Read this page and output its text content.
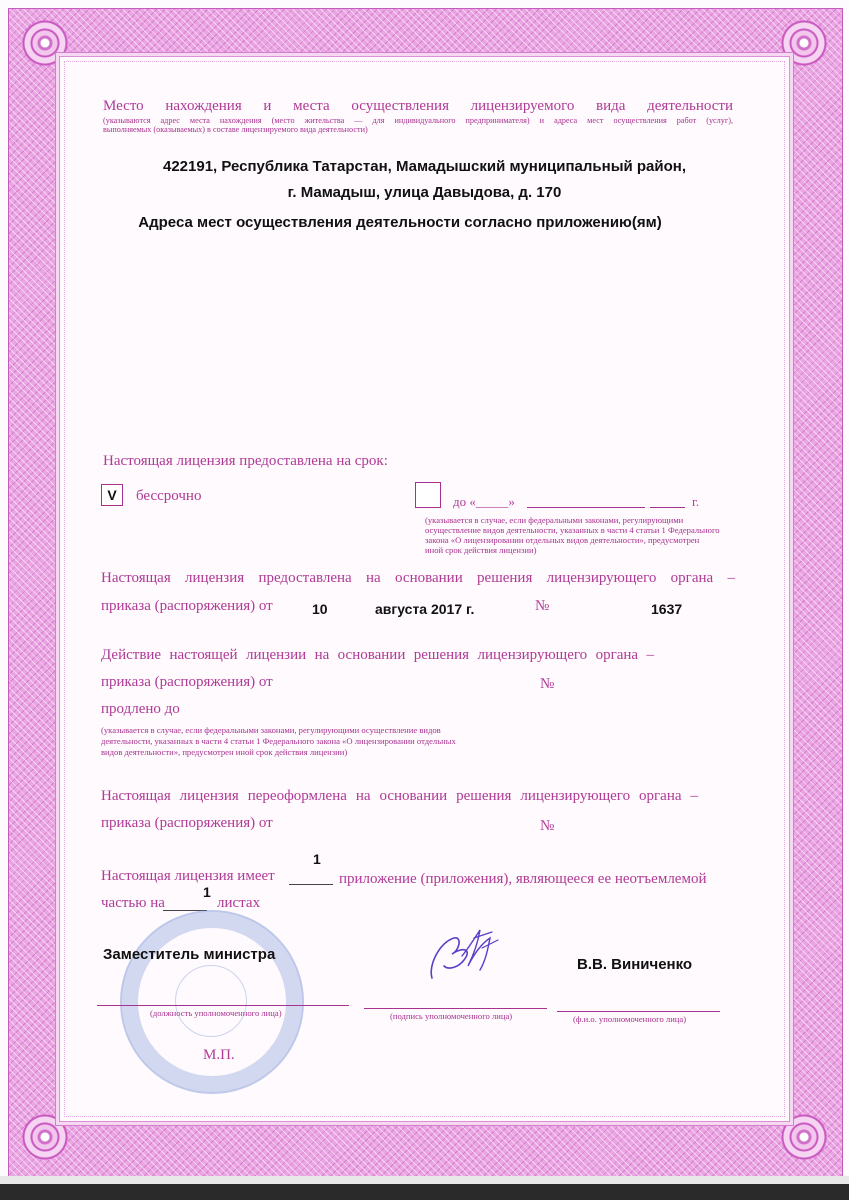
Место нахождения и места осуществления лицензируемого вида деятельности

(указываются адрес места нахождения (место жительства — для индивидуального предпринимателя) и адреса мест осуществления работ (услуг),

выполняемых (оказываемых) в составе лицензируемого вида деятельности)

422191, Республика Татарстан, Мамадышский муниципальный район,

г. Мамадыш, улица Давыдова, д. 170

Адреса мест осуществления деятельности согласно приложению(ям)

Настоящая лицензия предоставлена на срок:

V	бессрочно	до «_____»	г.

(указывается в случае, если федеральными законами, регулирующими

осуществление видов деятельности, указанных в части 4 статьи 1 Федерального

закона «О лицензировании отдельных видов деятельности», предусмотрен

иной срок действия лицензии)

Настоящая лицензия предоставлена на основании решения лицензирующего органа –

приказа (распоряжения) от	10	августа 2017 г.	№	1637

Действие настоящей лицензии на основании решения лицензирующего органа –

приказа (распоряжения) от	№

продлено до

(указывается в случае, если федеральными законами, регулирующими осуществление видов

деятельности, указанных в части 4 статьи 1 Федерального закона «О лицензировании отдельных

видов деятельности», предусмотрен иной срок действия лицензии)

Настоящая лицензия переоформлена на основании решения лицензирующего органа –

приказа (распоряжения) от	№

1

Настоящая лицензия имеет	приложение (приложения), являющееся ее неотъемлемой

частью на

1

листах

Заместитель министра

В.В. Виниченко

(должность уполномоченного лица)	(подпись уполномоченного лица)	(ф.и.о. уполномоченного лица)

М.П.
